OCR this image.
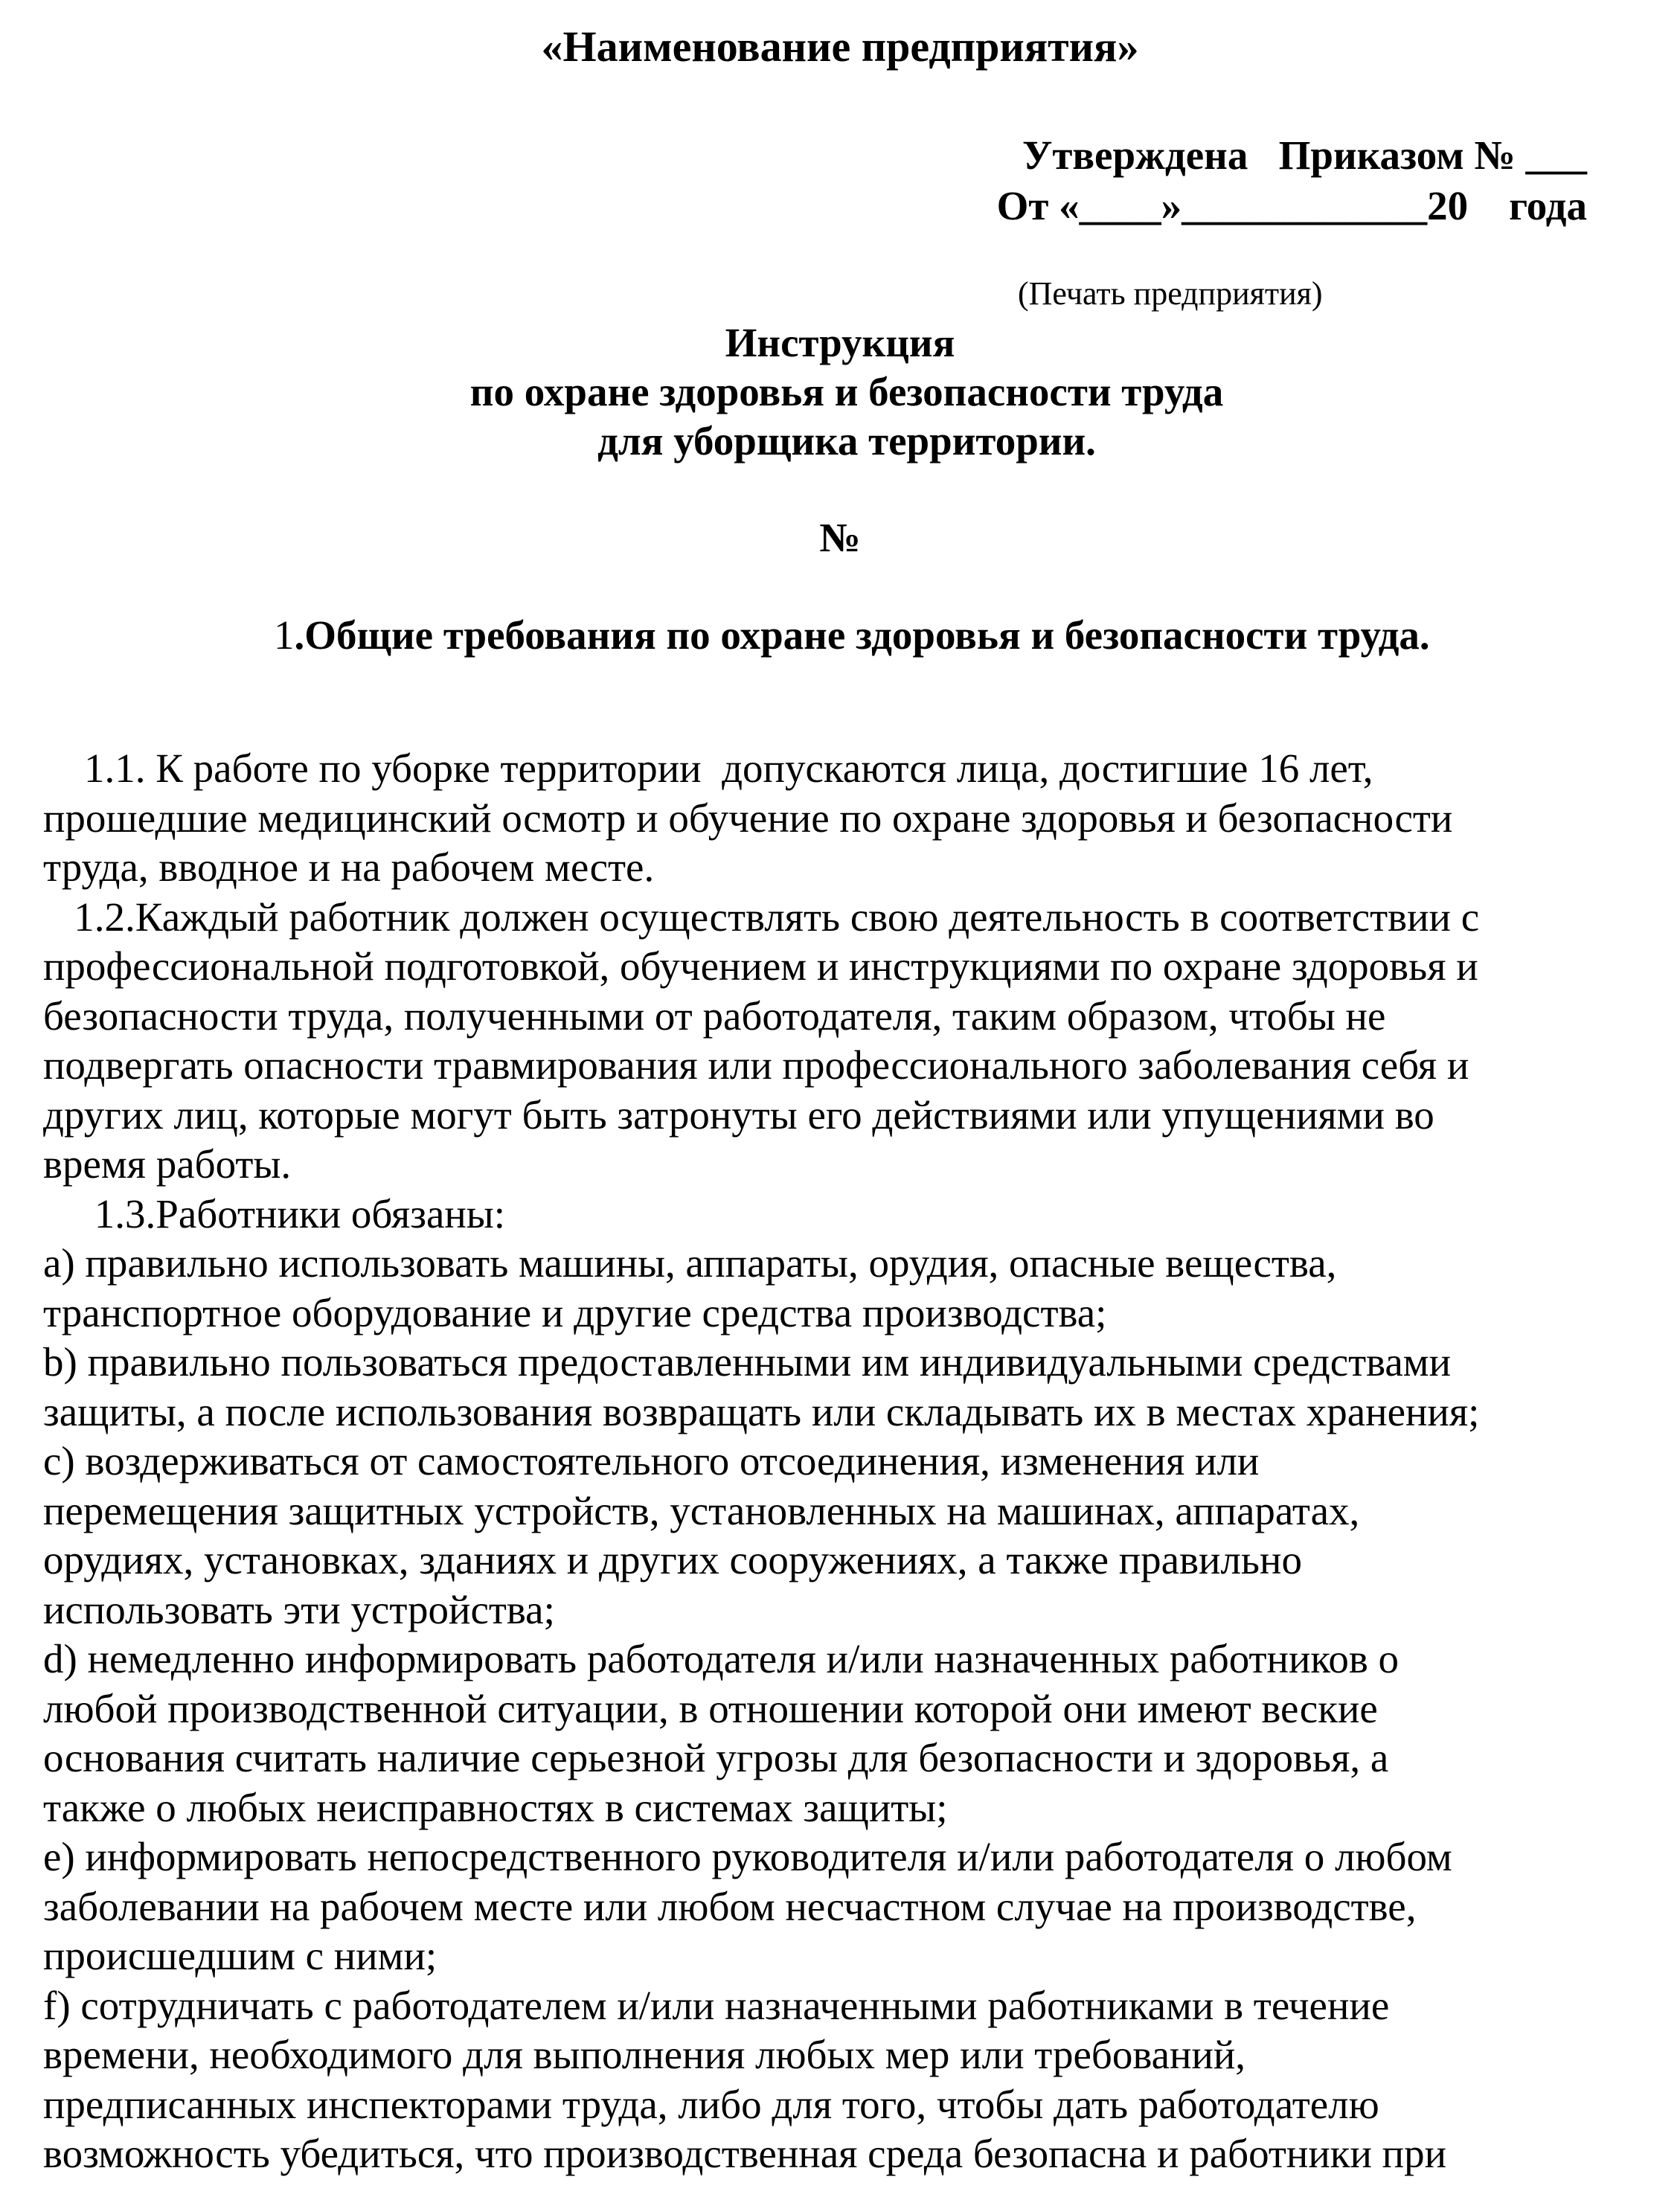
«Наименование предприятия»
Утверждена   Приказом № ___
От «____»____________20    года
(Печать предприятия)
Инструкция
по охране здоровья и безопасности труда
для уборщика территории.
№
1.Общие требования по охране здоровья и безопасности труда.
1.1. К работе по уборке территории  допускаются лица, достигшие 16 лет,
прошедшие медицинский осмотр и обучение по охране здоровья и безопасности
труда, вводное и на рабочем месте.
1.2.Каждый работник должен осуществлять свою деятельность в соответствии с
профессиональной подготовкой, обучением и инструкциями по охране здоровья и
безопасности труда, полученными от работодателя, таким образом, чтобы не
подвергать опасности травмирования или профессионального заболевания себя и
других лиц, которые могут быть затронуты его действиями или упущениями во
время работы.
1.3.Работники обязаны:
a) правильно использовать машины, аппараты, орудия, опасные вещества,
транспортное оборудование и другие средства производства;
b) правильно пользоваться предоставленными им индивидуальными средствами
защиты, а после использования возвращать или складывать их в местах хранения;
c) воздерживаться от самостоятельного отсоединения, изменения или
перемещения защитных устройств, установленных на машинах, аппаратах,
орудиях, установках, зданиях и других сооружениях, а также правильно
использовать эти устройства;
d) немедленно информировать работодателя и/или назначенных работников о
любой производственной ситуации, в отношении которой они имеют веские
основания считать наличие серьезной угрозы для безопасности и здоровья, а
также о любых неисправностях в системах защиты;
e) информировать непосредственного руководителя и/или работодателя о любом
заболевании на рабочем месте или любом несчастном случае на производстве,
происшедшим с ними;
f) сотрудничать с работодателем и/или назначенными работниками в течение
времени, необходимого для выполнения любых мер или требований,
предписанных инспекторами труда, либо для того, чтобы дать работодателю
возможность убедиться, что производственная среда безопасна и работники при
